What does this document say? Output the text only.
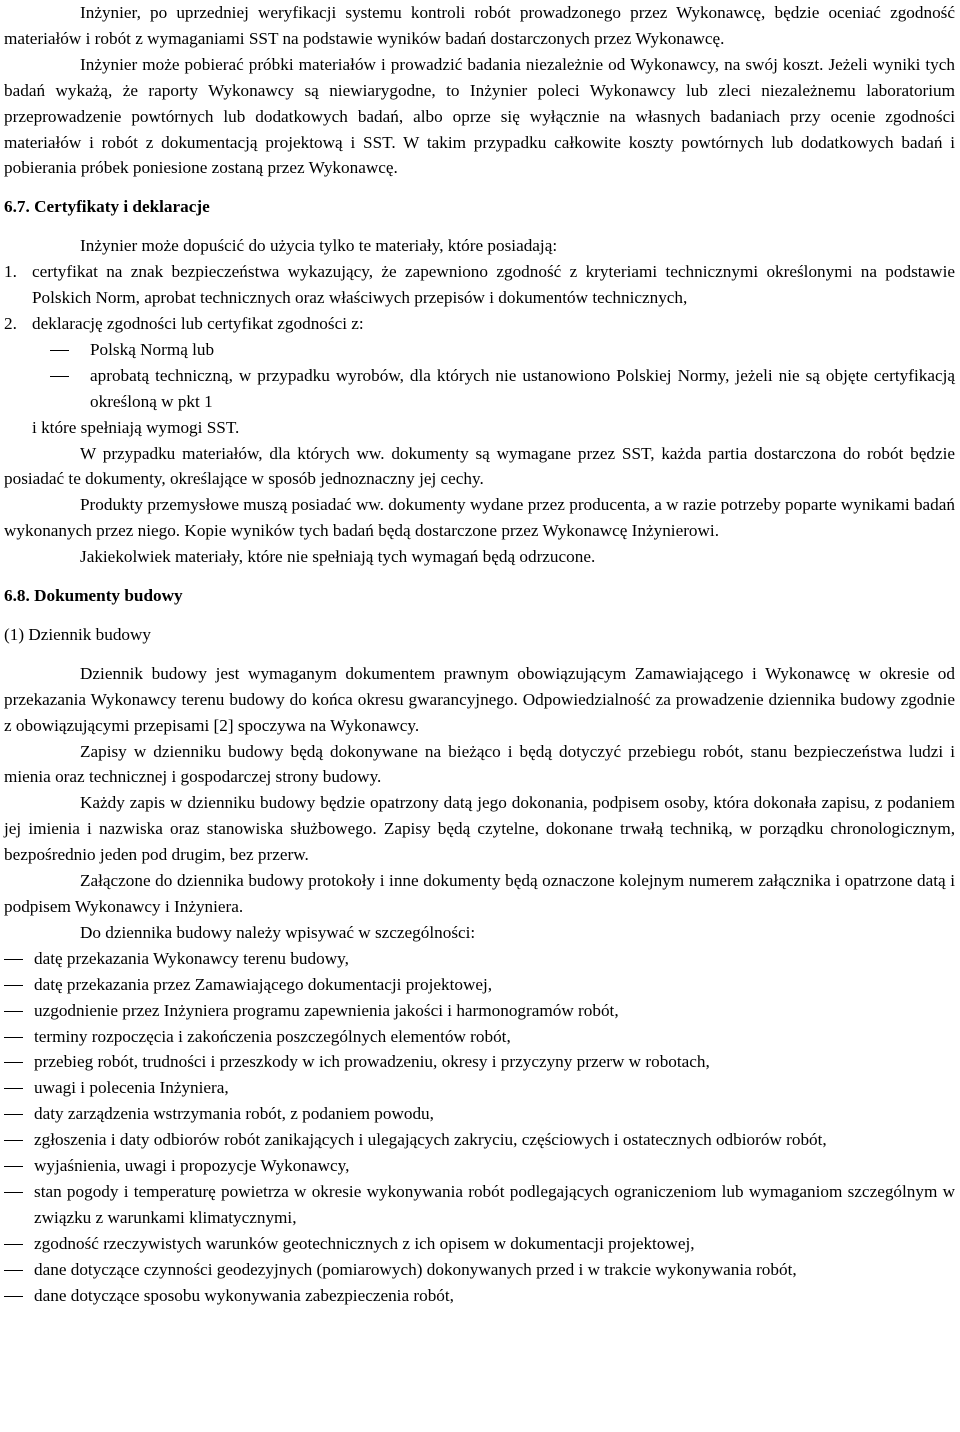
Inżynier, po uprzedniej weryfikacji systemu kontroli robót prowadzonego przez Wykonawcę, będzie oceniać zgodność materiałów i robót z wymaganiami SST na podstawie wyników badań dostarczonych przez Wykonawcę.

Inżynier może pobierać próbki materiałów i prowadzić badania niezależnie od Wykonawcy, na swój koszt. Jeżeli wyniki tych badań wykażą, że raporty Wykonawcy są niewiarygodne, to Inżynier poleci Wykonawcy lub zleci niezależnemu laboratorium przeprowadzenie powtórnych lub dodatkowych badań, albo oprze się wyłącznie na własnych badaniach przy ocenie zgodności materiałów i robót z dokumentacją projektową i SST. W takim przypadku całkowite koszty powtórnych lub dodatkowych badań i pobierania próbek poniesione zostaną przez Wykonawcę.

6.7. Certyfikaty i deklaracje

Inżynier może dopuścić do użycia tylko te materiały, które posiadają:

1. certyfikat na znak bezpieczeństwa wykazujący, że zapewniono zgodność z kryteriami technicznymi określonymi na podstawie Polskich Norm, aprobat technicznych oraz właściwych przepisów i dokumentów technicznych,
2. deklarację zgodności lub certyfikat zgodności z:
Polską Normą lub
aprobatą techniczną, w przypadku wyrobów, dla których nie ustanowiono Polskiej Normy, jeżeli nie są objęte certyfikacją określoną w pkt 1

i które spełniają wymogi SST.

W przypadku materiałów, dla których ww. dokumenty są wymagane przez SST, każda partia dostarczona do robót będzie posiadać te dokumenty, określające w sposób jednoznaczny jej cechy.

Produkty przemysłowe muszą posiadać ww. dokumenty wydane przez producenta, a w razie potrzeby poparte wynikami badań wykonanych przez niego. Kopie wyników tych badań będą dostarczone przez Wykonawcę Inżynierowi.

Jakiekolwiek materiały, które nie spełniają tych wymagań będą odrzucone.

6.8. Dokumenty budowy

(1) Dziennik budowy

Dziennik budowy jest wymaganym dokumentem prawnym obowiązującym Zamawiającego i Wykonawcę w okresie od przekazania Wykonawcy terenu budowy do końca okresu gwarancyjnego. Odpowiedzialność za prowadzenie dziennika budowy zgodnie z obowiązującymi przepisami [2] spoczywa na Wykonawcy.

Zapisy w dzienniku budowy będą dokonywane na bieżąco i będą dotyczyć przebiegu robót, stanu bezpieczeństwa ludzi i mienia oraz technicznej i gospodarczej strony budowy.

Każdy zapis w dzienniku budowy będzie opatrzony datą jego dokonania, podpisem osoby, która dokonała zapisu, z podaniem jej imienia i nazwiska oraz stanowiska służbowego. Zapisy będą czytelne, dokonane trwałą techniką, w porządku chronologicznym, bezpośrednio jeden pod drugim, bez przerw.

Załączone do dziennika budowy protokoły i inne dokumenty będą oznaczone kolejnym numerem załącznika i opatrzone datą i podpisem Wykonawcy i Inżyniera.

Do dziennika budowy należy wpisywać w szczególności:

datę przekazania Wykonawcy terenu budowy,
datę przekazania przez Zamawiającego dokumentacji projektowej,
uzgodnienie przez Inżyniera programu zapewnienia jakości i harmonogramów robót,
terminy rozpoczęcia i zakończenia poszczególnych elementów robót,
przebieg robót, trudności i przeszkody w ich prowadzeniu, okresy i przyczyny przerw w robotach,
uwagi i polecenia Inżyniera,
daty zarządzenia wstrzymania robót, z podaniem powodu,
zgłoszenia i daty odbiorów robót zanikających i ulegających zakryciu, częściowych i ostatecznych odbiorów robót,
wyjaśnienia, uwagi i propozycje Wykonawcy,
stan pogody i temperaturę powietrza w okresie wykonywania robót podlegających ograniczeniom lub wymaganiom szczególnym w związku z warunkami klimatycznymi,
zgodność rzeczywistych warunków geotechnicznych z ich opisem w dokumentacji projektowej,
dane dotyczące czynności geodezyjnych (pomiarowych) dokonywanych przed i w trakcie wykonywania robót,
dane dotyczące sposobu wykonywania zabezpieczenia robót,
